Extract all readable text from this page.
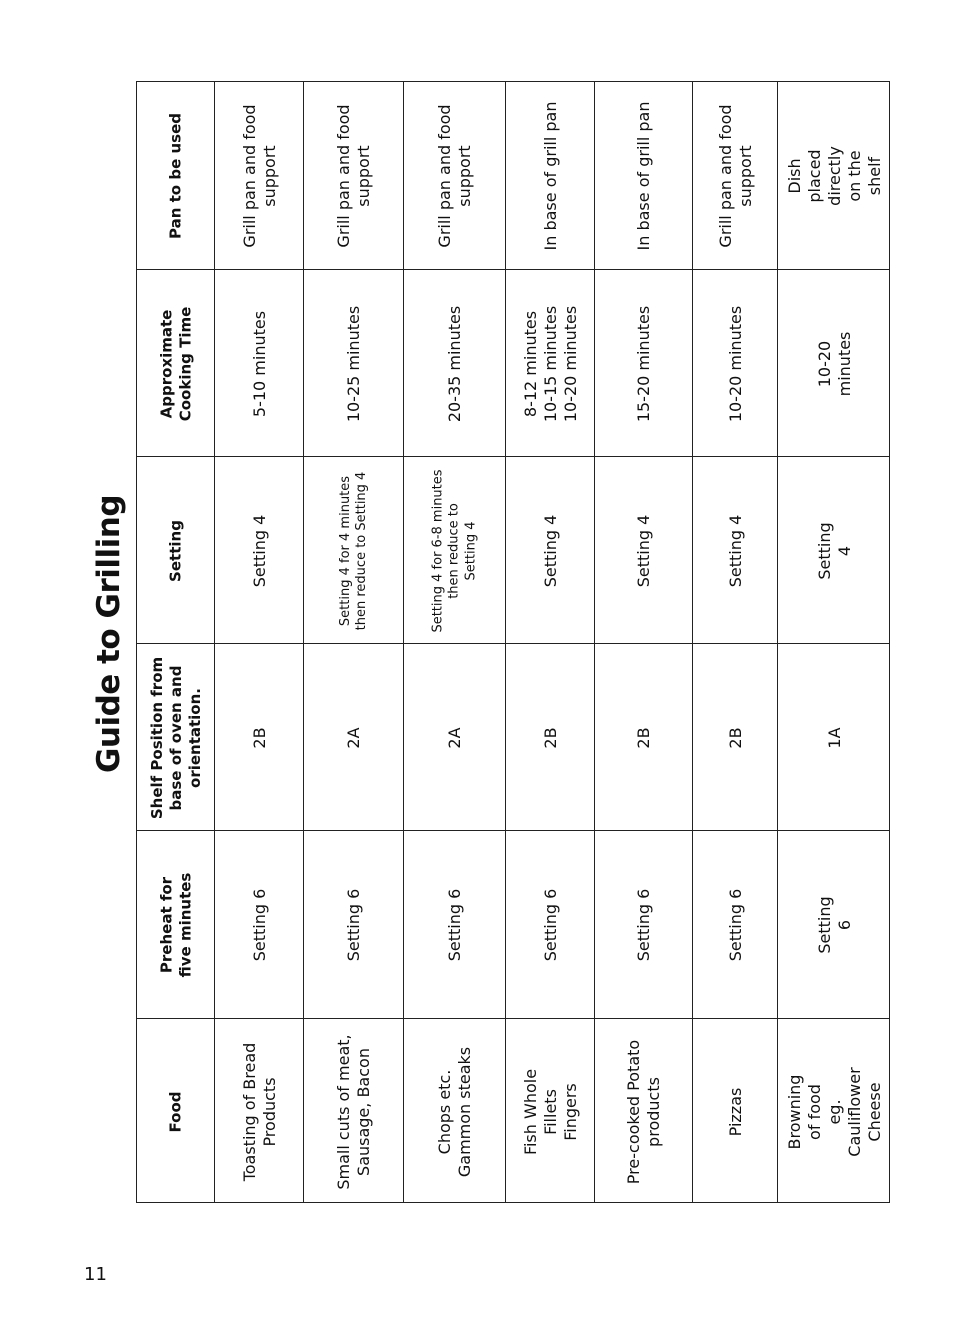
Guide to Grilling
Food
Preheat for
five minutes
Shelf Position from
base of oven and
orientation.
Setting
Approximate
Cooking Time
Pan to be used
Toasting of Bread
Products
Setting 6
2B
Setting 4
5-10 minutes
Grill pan and food
support
Small cuts of meat,
Sausage, Bacon
Setting 6
2A
Setting 4 for 4 minutes
then reduce to Setting 4
10-25 minutes
Grill pan and food
support
Chops etc.
Gammon steaks
Setting 6
2A
Setting 4 for 6-8 minutes
then reduce to
Setting 4
20-35 minutes
Grill pan and food
support
Fish Whole
Fillets
Fingers
Setting 6
2B
Setting 4
8-12 minutes
10-15 minutes
10-20 minutes
In base of grill pan
Pre-cooked Potato
products
Setting 6
2B
Setting 4
15-20 minutes
In base of grill pan
Pizzas
Setting 6
2B
Setting 4
10-20 minutes
Grill pan and food
support
Browning of food
eg. Cauliflower
Cheese
Setting 6
1A
Setting 4
10-20 minutes
Dish placed directly
on the shelf
11
